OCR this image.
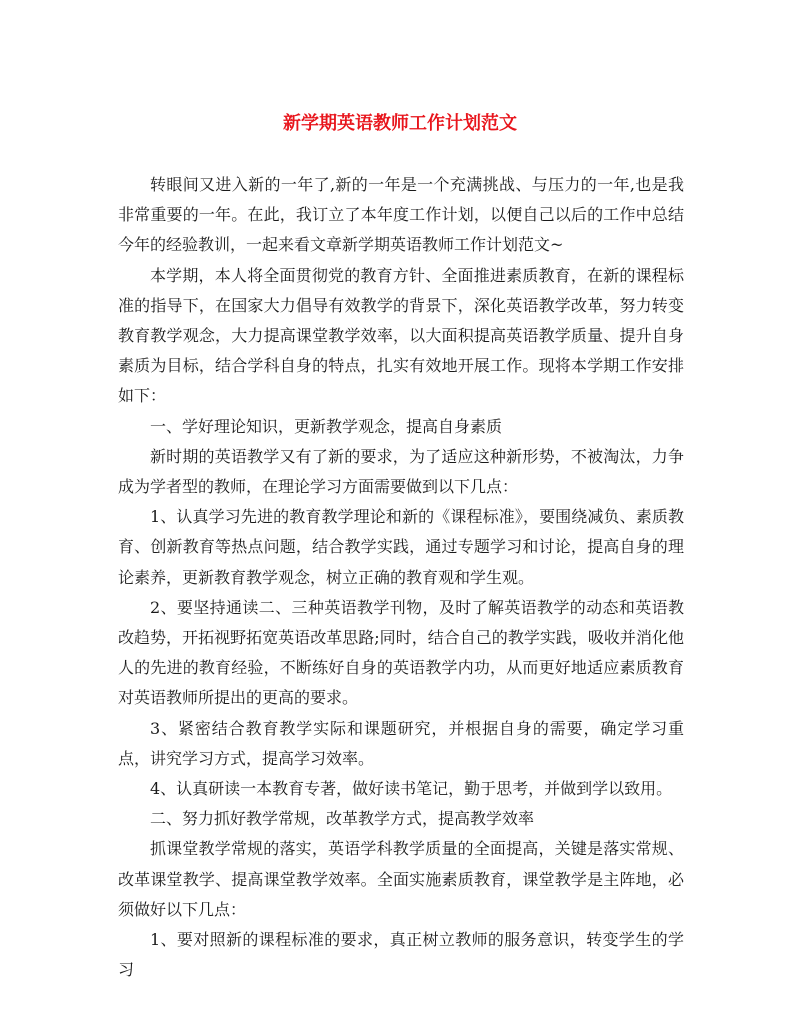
新学期英语教师工作计划范文

转眼间又进入新的一年了,新的一年是一个充满挑战、与压力的一年,也是我非常重要的一年。在此，我订立了本年度工作计划，以便自己以后的工作中总结今年的经验教训，一起来看文章新学期英语教师工作计划范文~

本学期，本人将全面贯彻党的教育方针、全面推进素质教育，在新的课程标准的指导下，在国家大力倡导有效教学的背景下，深化英语教学改革，努力转变教育教学观念，大力提高课堂教学效率，以大面积提高英语教学质量、提升自身素质为目标，结合学科自身的特点，扎实有效地开展工作。现将本学期工作安排如下：

一、学好理论知识，更新教学观念，提高自身素质

新时期的英语教学又有了新的要求，为了适应这种新形势，不被淘汰，力争成为学者型的教师，在理论学习方面需要做到以下几点：

1、认真学习先进的教育教学理论和新的《课程标准》，要围绕减负、素质教育、创新教育等热点问题，结合教学实践，通过专题学习和讨论，提高自身的理论素养，更新教育教学观念，树立正确的教育观和学生观。

2、要坚持通读二、三种英语教学刊物，及时了解英语教学的动态和英语教改趋势，开拓视野拓宽英语改革思路;同时，结合自己的教学实践，吸收并消化他人的先进的教育经验，不断练好自身的英语教学内功，从而更好地适应素质教育对英语教师所提出的更高的要求。

3、紧密结合教育教学实际和课题研究，并根据自身的需要，确定学习重点，讲究学习方式，提高学习效率。

4、认真研读一本教育专著，做好读书笔记，勤于思考，并做到学以致用。

二、努力抓好教学常规，改革教学方式，提高教学效率

抓课堂教学常规的落实，英语学科教学质量的全面提高，关键是落实常规、改革课堂教学、提高课堂教学效率。全面实施素质教育，课堂教学是主阵地，必须做好以下几点：

1、要对照新的课程标准的要求，真正树立教师的服务意识，转变学生的学习
